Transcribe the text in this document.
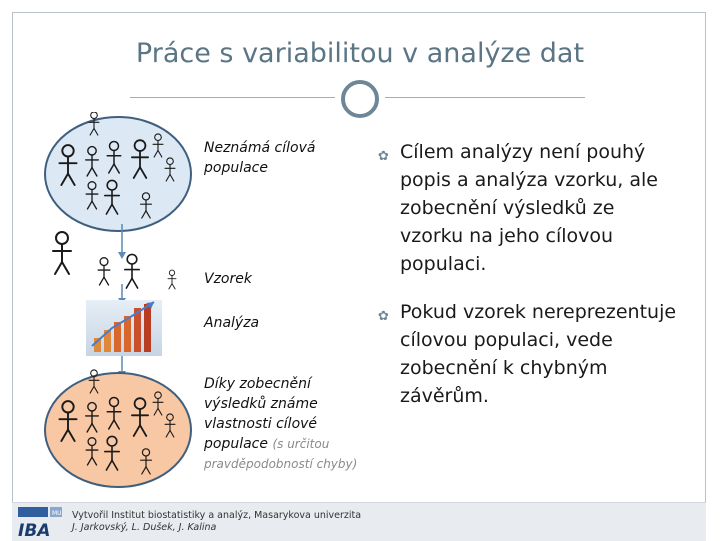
Práce s variabilitou v analýze dat
Neznámá cílová populace
Vzorek
Analýza
Díky zobecnění výsledků známe vlastnosti cílové populace (s určitou pravděpodobností chyby)
✿ Cílem analýzy není pouhý popis a analýza vzorku, ale zobecnění výsledků ze vzorku na jeho cílovou populaci.
✿ Pokud vzorek nereprezentuje cílovou populaci, vede zobecnění k chybným závěrům.
MU
IBA
Vytvořil Institut biostatistiky a analýz, Masarykova univerzita
J. Jarkovský, L. Dušek, J. Kalina
